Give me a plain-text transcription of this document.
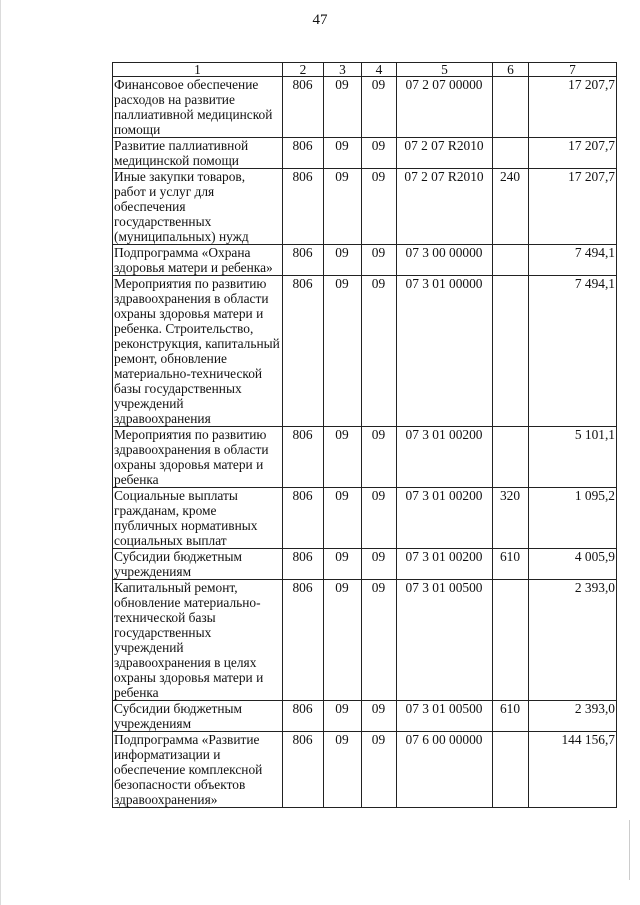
47
1	2	3	4	5	6	7
Финансовое обеспечение расходов на развитие паллиативной медицинской помощи	806	09	09	07 2 07 00000		17 207,7
Развитие паллиативной медицинской помощи	806	09	09	07 2 07 R2010		17 207,7
Иные закупки товаров, работ и услуг для обеспечения государственных (муниципальных) нужд	806	09	09	07 2 07 R2010	240	17 207,7
Подпрограмма «Охрана здоровья матери и ребенка»	806	09	09	07 3 00 00000		7 494,1
Мероприятия по развитию здравоохранения в области охраны здоровья матери и ребенка. Строительство, реконструкция, капитальный ремонт, обновление материально-технической базы государственных учреждений здравоохранения	806	09	09	07 3 01 00000		7 494,1
Мероприятия по развитию здравоохранения в области охраны здоровья матери и ребенка	806	09	09	07 3 01 00200		5 101,1
Социальные выплаты гражданам, кроме публичных нормативных социальных выплат	806	09	09	07 3 01 00200	320	1 095,2
Субсидии бюджетным учреждениям	806	09	09	07 3 01 00200	610	4 005,9
Капитальный ремонт, обновление материально-технической базы государственных учреждений здравоохранения в целях охраны здоровья матери и ребенка	806	09	09	07 3 01 00500		2 393,0
Субсидии бюджетным учреждениям	806	09	09	07 3 01 00500	610	2 393,0
Подпрограмма «Развитие информатизации и обеспечение комплексной безопасности объектов здравоохранения»	806	09	09	07 6 00 00000		144 156,7
